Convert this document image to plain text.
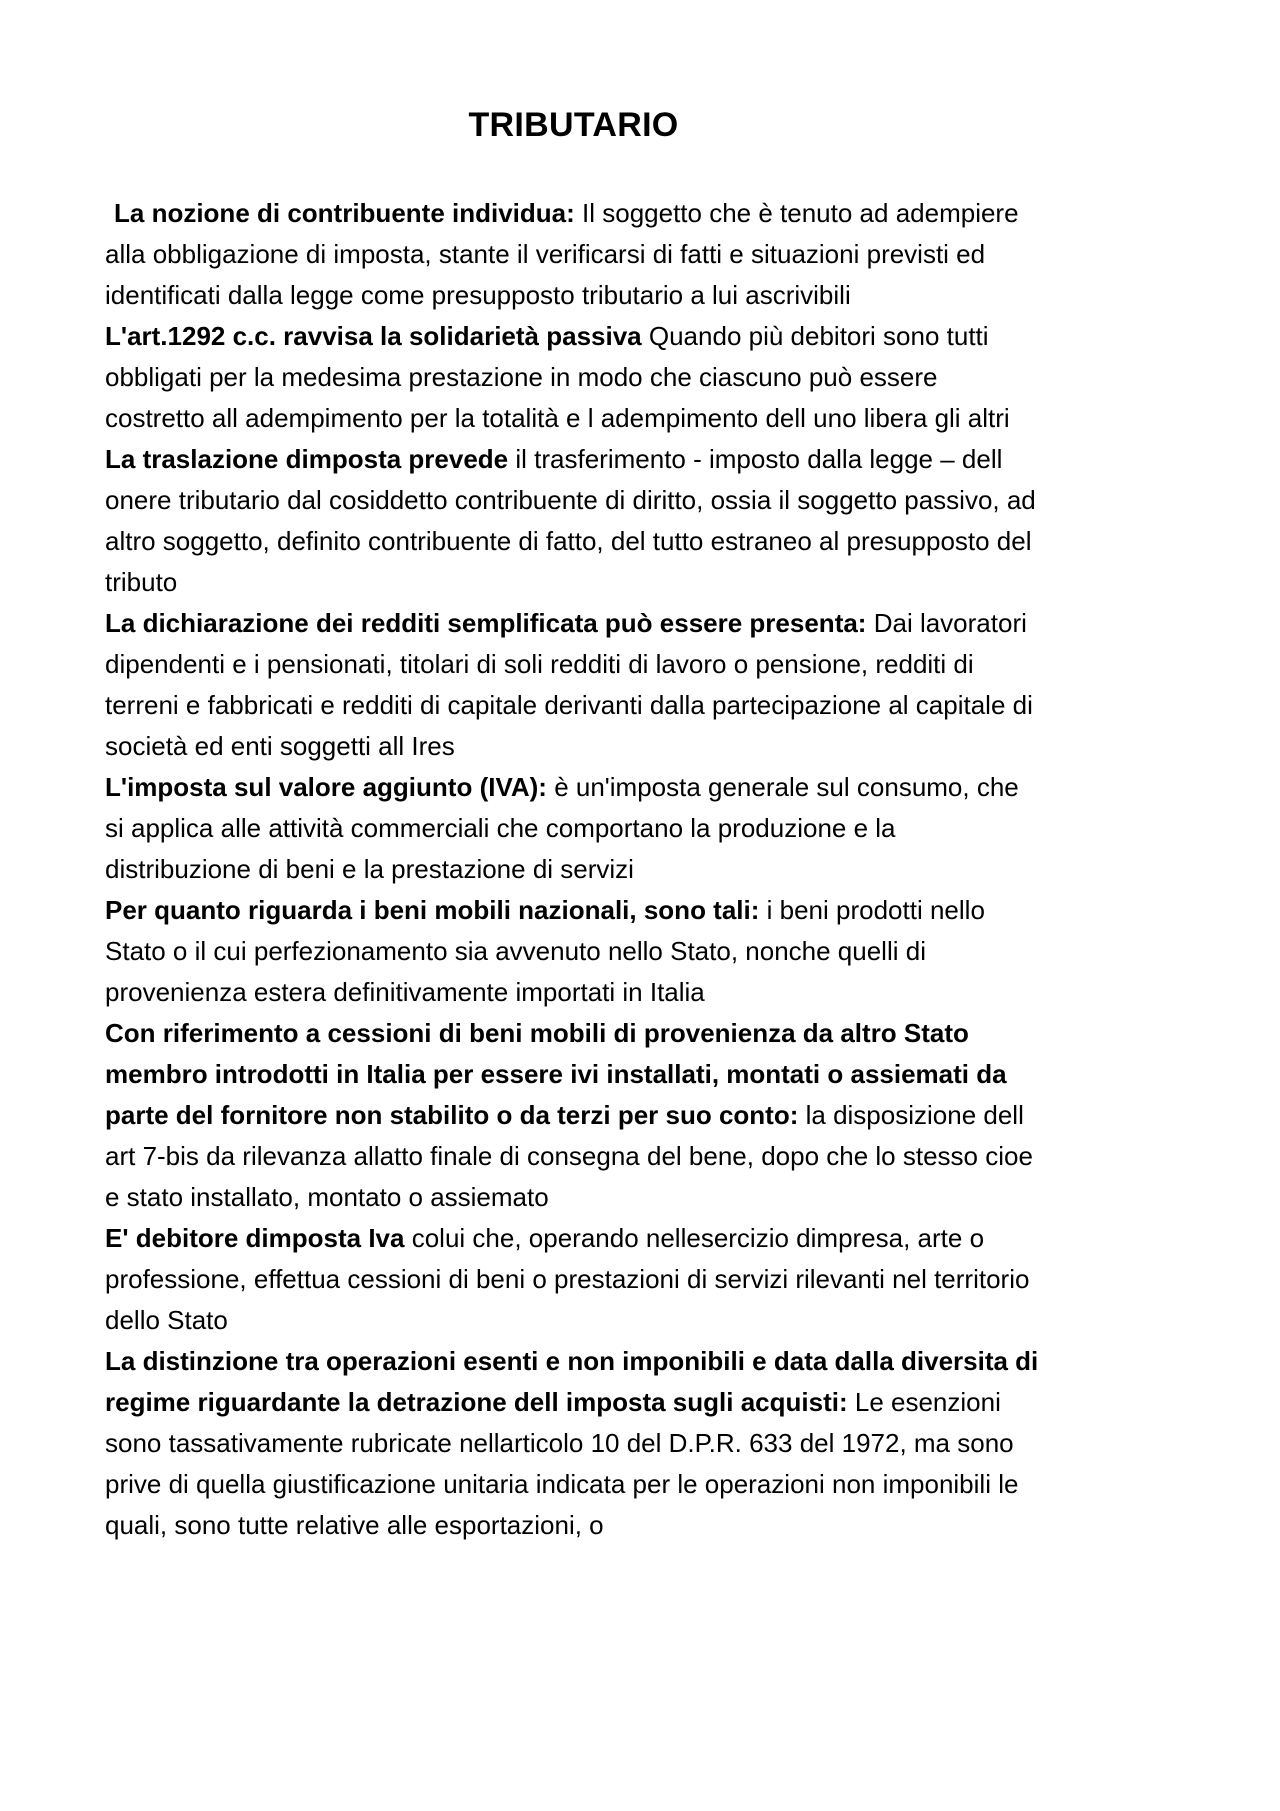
TRIBUTARIO

La nozione di contribuente individua: Il soggetto che è tenuto ad adempiere alla obbligazione di imposta, stante il verificarsi di fatti e situazioni previsti ed identificati dalla legge come presupposto tributario a lui ascrivibili

L'art.1292 c.c. ravvisa la solidarietà passiva Quando più debitori sono tutti obbligati per la medesima prestazione in modo che ciascuno può essere costretto all adempimento per la totalità e l adempimento dell uno libera gli altri

La traslazione dimposta prevede il trasferimento - imposto dalla legge – dell onere tributario dal cosiddetto contribuente di diritto, ossia il soggetto passivo, ad altro soggetto, definito contribuente di fatto, del tutto estraneo al presupposto del tributo

La dichiarazione dei redditi semplificata può essere presenta: Dai lavoratori dipendenti e i pensionati, titolari di soli redditi di lavoro o pensione, redditi di terreni e fabbricati e redditi di capitale derivanti dalla partecipazione al capitale di società ed enti soggetti all Ires

L'imposta sul valore aggiunto (IVA): è un'imposta generale sul consumo, che si applica alle attività commerciali che comportano la produzione e la distribuzione di beni e la prestazione di servizi

Per quanto riguarda i beni mobili nazionali, sono tali: i beni prodotti nello Stato o il cui perfezionamento sia avvenuto nello Stato, nonche quelli di provenienza estera definitivamente importati in Italia

Con riferimento a cessioni di beni mobili di provenienza da altro Stato membro introdotti in Italia per essere ivi installati, montati o assiemati da parte del fornitore non stabilito o da terzi per suo conto: la disposizione dell art 7-bis da rilevanza allatto finale di consegna del bene, dopo che lo stesso cioe e stato installato, montato o assiemato

E' debitore dimposta Iva colui che, operando nellesercizio dimpresa, arte o professione, effettua cessioni di beni o prestazioni di servizi rilevanti nel territorio dello Stato

La distinzione tra operazioni esenti e non imponibili e data dalla diversita di regime riguardante la detrazione dell imposta sugli acquisti: Le esenzioni sono tassativamente rubricate nellarticolo 10 del D.P.R. 633 del 1972, ma sono prive di quella giustificazione unitaria indicata per le operazioni non imponibili le quali, sono tutte relative alle esportazioni, o
